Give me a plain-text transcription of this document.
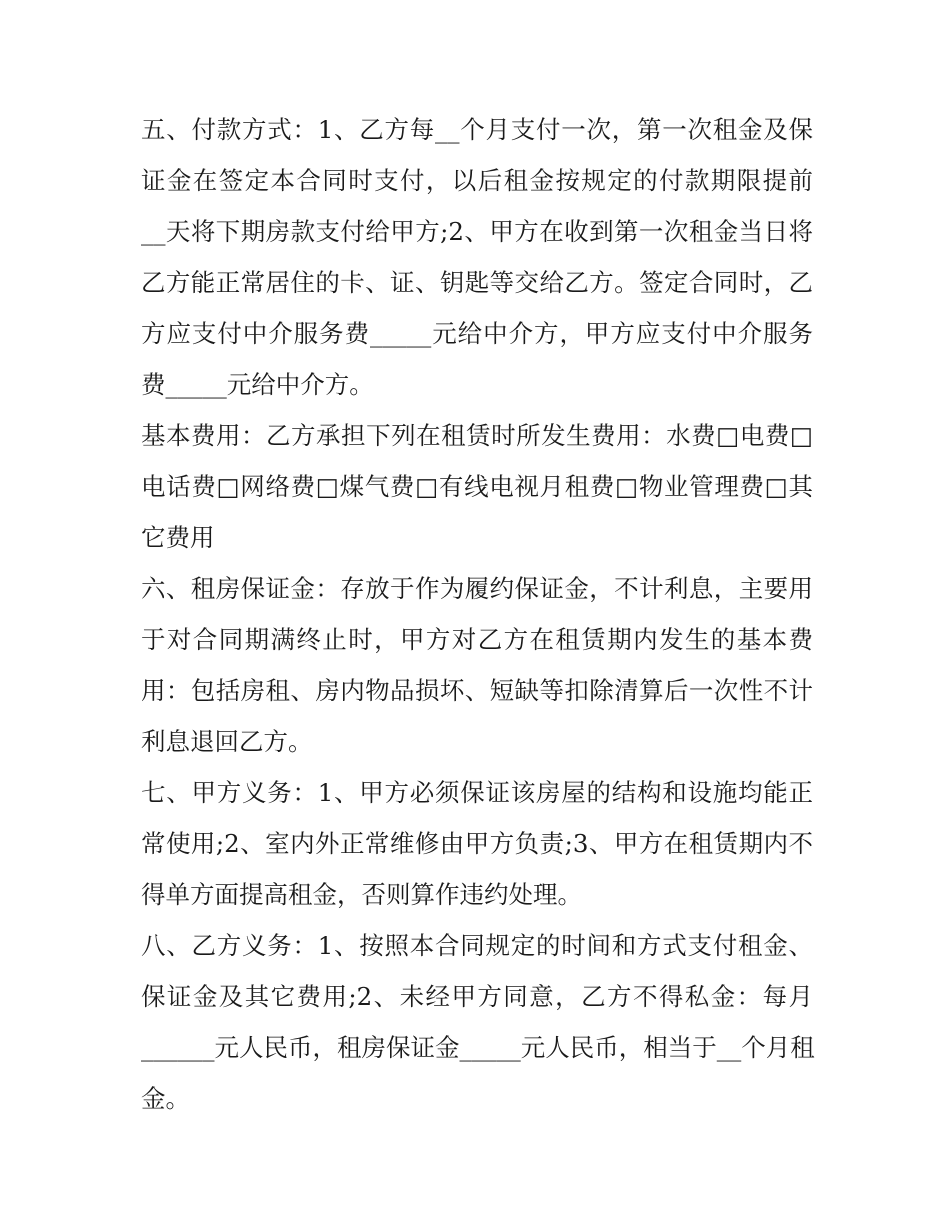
五、付款方式：1、乙方每__个月支付一次，第一次租金及保
证金在签定本合同时支付，以后租金按规定的付款期限提前
__天将下期房款支付给甲方;2、甲方在收到第一次租金当日将
乙方能正常居住的卡、证、钥匙等交给乙方。签定合同时，乙
方应支付中介服务费_____元给中介方，甲方应支付中介服务
费_____元给中介方。
基本费用：乙方承担下列在租赁时所发生费用：水费□电费□
电话费□网络费□煤气费□有线电视月租费□物业管理费□其
它费用
六、租房保证金：存放于作为履约保证金，不计利息，主要用
于对合同期满终止时，甲方对乙方在租赁期内发生的基本费
用：包括房租、房内物品损坏、短缺等扣除清算后一次性不计
利息退回乙方。
七、甲方义务：1、甲方必须保证该房屋的结构和设施均能正
常使用;2、室内外正常维修由甲方负责;3、甲方在租赁期内不
得单方面提高租金，否则算作违约处理。
八、乙方义务：1、按照本合同规定的时间和方式支付租金、
保证金及其它费用;2、未经甲方同意，乙方不得私金：每月
______元人民币，租房保证金_____元人民币，相当于__个月租
金。
